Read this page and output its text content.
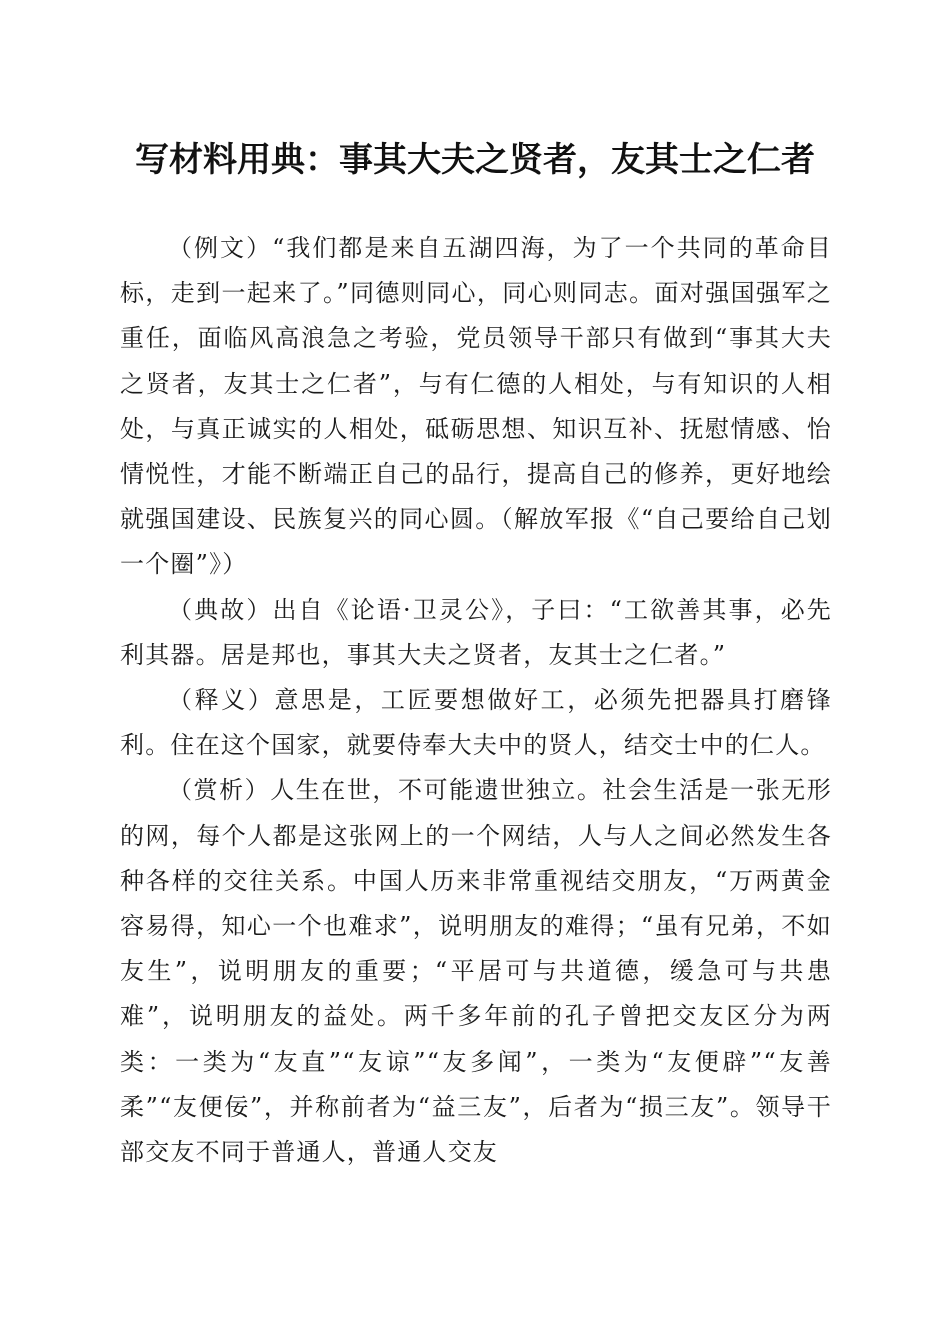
写材料用典：事其大夫之贤者，友其士之仁者

（例文）“我们都是来自五湖四海，为了一个共同的革命目标，走到一起来了。”同德则同心，同心则同志。面对强国强军之重任，面临风高浪急之考验，党员领导干部只有做到“事其大夫之贤者，友其士之仁者”，与有仁德的人相处，与有知识的人相处，与真正诚实的人相处，砥砺思想、知识互补、抚慰情感、怡情悦性，才能不断端正自己的品行，提高自己的修养，更好地绘就强国建设、民族复兴的同心圆。（解放军报《“自己要给自己划一个圈”》）

（典故）出自《论语·卫灵公》，子曰：“工欲善其事，必先利其器。居是邦也，事其大夫之贤者，友其士之仁者。”

（释义）意思是，工匠要想做好工，必须先把器具打磨锋利。住在这个国家，就要侍奉大夫中的贤人，结交士中的仁人。

（赏析）人生在世，不可能遗世独立。社会生活是一张无形的网，每个人都是这张网上的一个网结，人与人之间必然发生各种各样的交往关系。中国人历来非常重视结交朋友，“万两黄金容易得，知心一个也难求”，说明朋友的难得；“虽有兄弟，不如友生”，说明朋友的重要；“平居可与共道德，缓急可与共患难”，说明朋友的益处。两千多年前的孔子曾把交友区分为两类：一类为“友直”“友谅”“友多闻”，一类为“友便辟”“友善柔”“友便佞”，并称前者为“益三友”，后者为“损三友”。领导干部交友不同于普通人，普通人交友
